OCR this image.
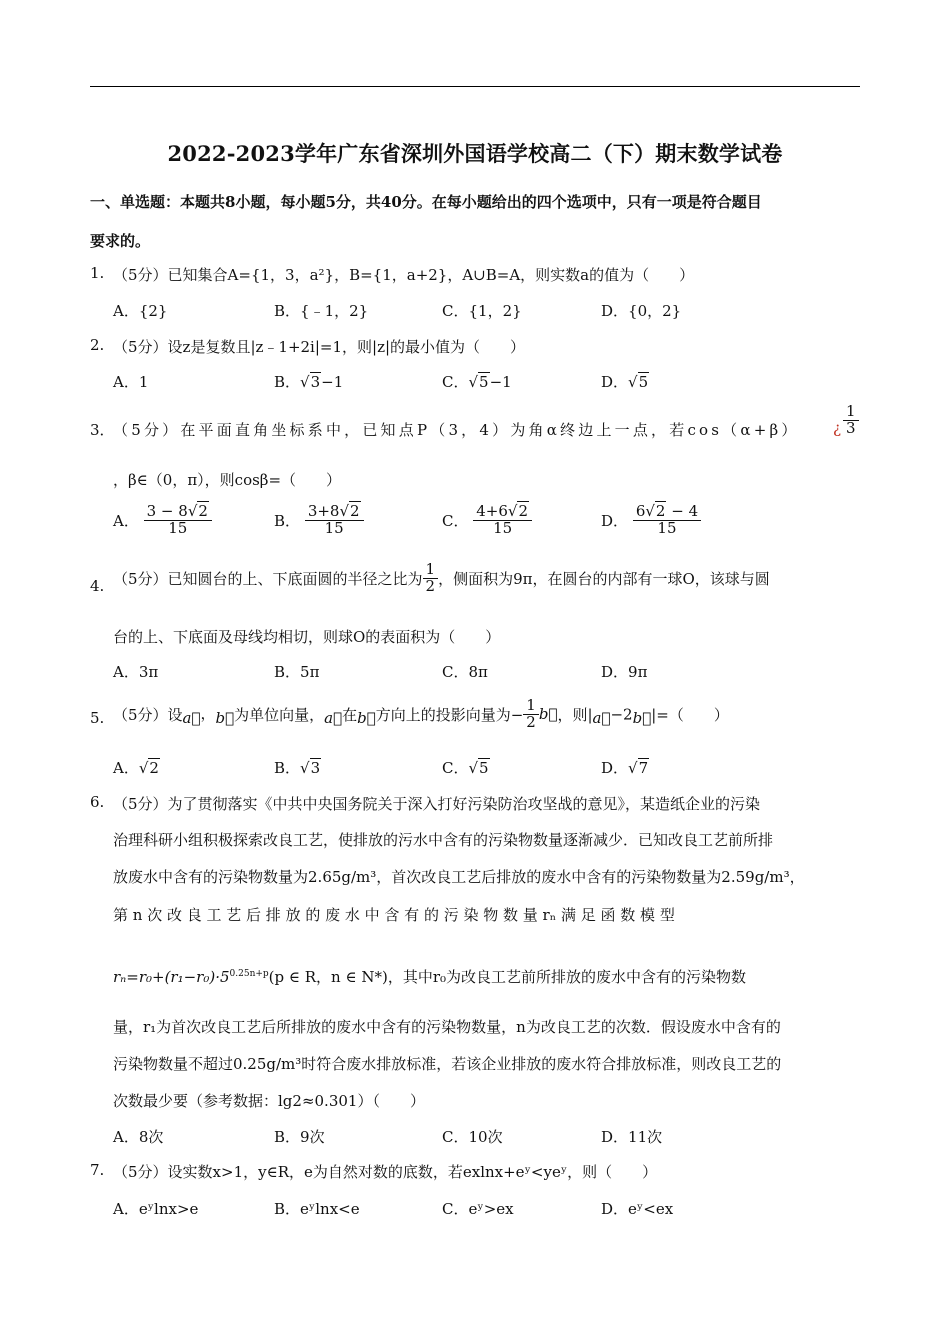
2022-2023学年广东省深圳外国语学校高二（下）期末数学试卷
一、单选题：本题共8小题，每小题5分，共40分。在每小题给出的四个选项中，只有一项是符合题目
要求的。
1. （5分）已知集合A={1，3，a²}，B={1，a+2}，A∪B=A，则实数a的值为（　　）
A．{2}	B．{﹣1，2}	C．{1，2}	D．{0，2}
2. （5分）设z是复数且|z﹣1+2i|=1，则|z|的最小值为（　　）
A．1	B．√3−1	C．√5−1	D．√5
3．
（5分）在平面直角坐标系中，已知点P（3，4）为角α终边上一点，若cos（α+β） ¿ $\frac{1}{3}$
，β∈（0，π），则cosβ=（　　）
A． $\frac{3 - 8√2}{15}$	B． $\frac{3+8√2}{15}$	C． $\frac{4+6√2}{15}$	D． $\frac{6√2 - 4}{15}$
4. （5分）已知圆台的上、下底面圆的半径之比为 $\frac{1}{2}$ ，侧面积为9π，在圆台的内部有一球O，该球与圆
台的上、下底面及母线均相切，则球O的表面积为（　　）
A．3π	B．5π	C．8π	D．9π
5. （5分）设a⃗，b⃗为单位向量，a⃗在b⃗方向上的投影向量为− $\frac{1}{2}$ b⃗，则|a⃗−2b⃗|=（　　）
A．√2	B．√3	C．√5	D．√7
6. （5分）为了贯彻落实《中共中央国务院关于深入打好污染防治攻坚战的意见》，某造纸企业的污染
治理科研小组积极探索改良工艺，使排放的污水中含有的污染物数量逐渐减少．已知改良工艺前所排
放废水中含有的污染物数量为2.65g/m³，首次改良工艺后排放的废水中含有的污染物数量为2.59g/m³，
第 n 次 改 良 工 艺 后 排 放 的 废 水 中 含 有 的 污 染 物 数 量 rₙ 满 足 函 数 模 型
$r_n=r_0+(r_1-r_0)\cdot 5^{0.25n+p}(p$ ∈ R，n ∈ N*)，其中r₀为改良工艺前所排放的废水中含有的污染物数
量，r₁为首次改良工艺后所排放的废水中含有的污染物数量，n为改良工艺的次数．假设废水中含有的
污染物数量不超过0.25g/m³时符合废水排放标准，若该企业排放的废水符合排放标准，则改良工艺的
次数最少要（参考数据：lg2≈0.301）（　　）
A．8次	B．9次	C．10次	D．11次
7. （5分）设实数x>1，y∈R，e为自然对数的底数，若exlnx+eʸ<yeʸ，则（　　）
A．eʸlnx>e	B．eʸlnx<e	C．eʸ>ex	D．eʸ<ex
